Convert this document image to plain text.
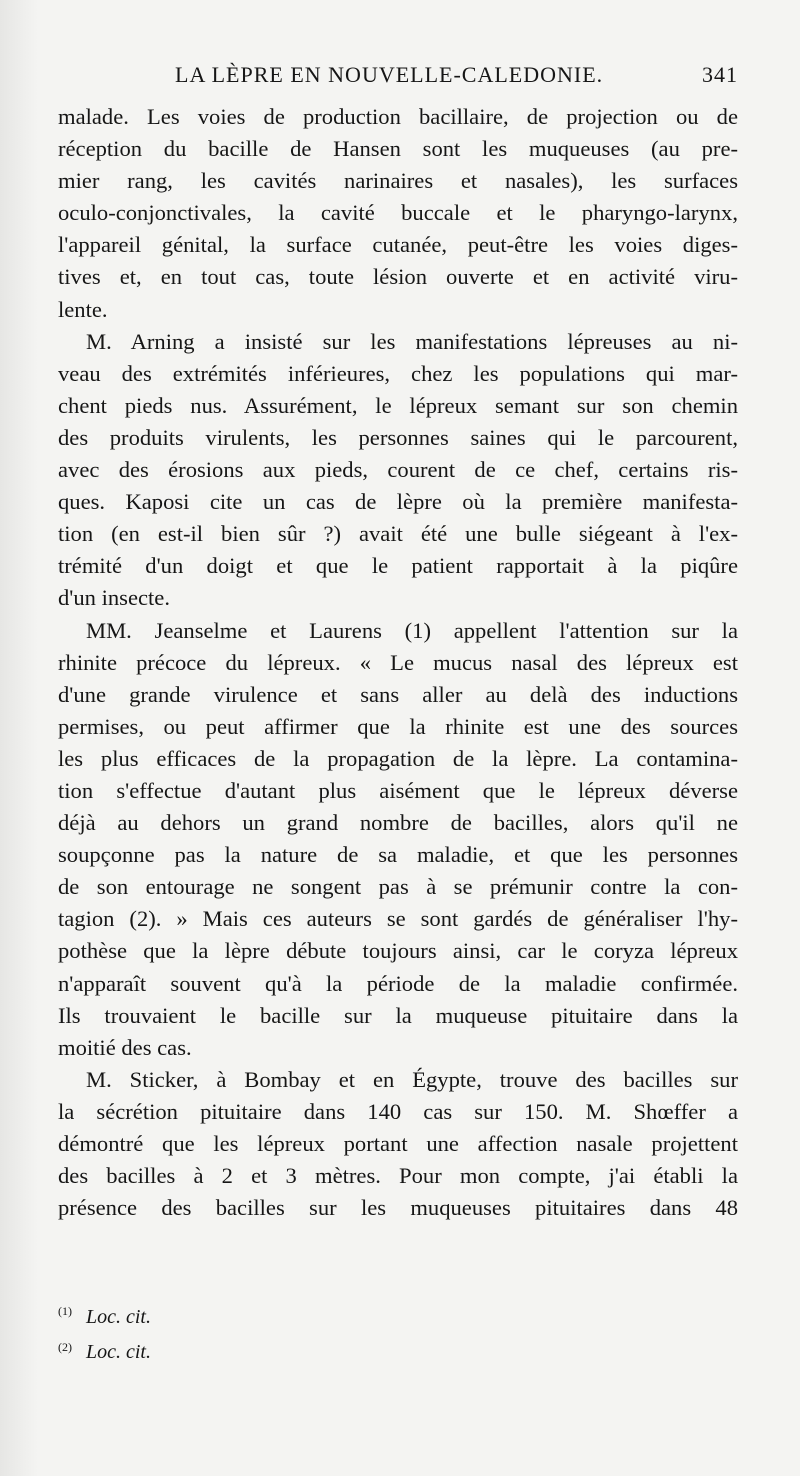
LA LÈPRE EN NOUVELLE-CALEDONIE.	341
malade. Les voies de production bacillaire, de projection ou de
réception du bacille de Hansen sont les muqueuses (au pre-
mier rang, les cavités narinaires et nasales), les surfaces
oculo-conjonctivales, la cavité buccale et le pharyngo-larynx,
l'appareil génital, la surface cutanée, peut-être les voies diges-
tives et, en tout cas, toute lésion ouverte et en activité viru-
lente.
M. Arning a insisté sur les manifestations lépreuses au ni-
veau des extrémités inférieures, chez les populations qui mar-
chent pieds nus. Assurément, le lépreux semant sur son chemin
des produits virulents, les personnes saines qui le parcourent,
avec des érosions aux pieds, courent de ce chef, certains ris-
ques. Kaposi cite un cas de lèpre où la première manifesta-
tion (en est-il bien sûr ?) avait été une bulle siégeant à l'ex-
trémité d'un doigt et que le patient rapportait à la piqûre
d'un insecte.
MM. Jeanselme et Laurens (1) appellent l'attention sur la
rhinite précoce du lépreux. « Le mucus nasal des lépreux est
d'une grande virulence et sans aller au delà des inductions
permises, ou peut affirmer que la rhinite est une des sources
les plus efficaces de la propagation de la lèpre. La contamina-
tion s'effectue d'autant plus aisément que le lépreux déverse
déjà au dehors un grand nombre de bacilles, alors qu'il ne
soupçonne pas la nature de sa maladie, et que les personnes
de son entourage ne songent pas à se prémunir contre la con-
tagion (2). » Mais ces auteurs se sont gardés de généraliser l'hy-
pothèse que la lèpre débute toujours ainsi, car le coryza lépreux
n'apparaît souvent qu'à la période de la maladie confirmée.
Ils trouvaient le bacille sur la muqueuse pituitaire dans la
moitié des cas.
M. Sticker, à Bombay et en Égypte, trouve des bacilles sur
la sécrétion pituitaire dans 140 cas sur 150. M. Shœffer a
démontré que les lépreux portant une affection nasale projettent
des bacilles à 2 et 3 mètres. Pour mon compte, j'ai établi la
présence des bacilles sur les muqueuses pituitaires dans 48
$^{(1)}$ Loc. cit.
$^{(2)}$ Loc. cit.
